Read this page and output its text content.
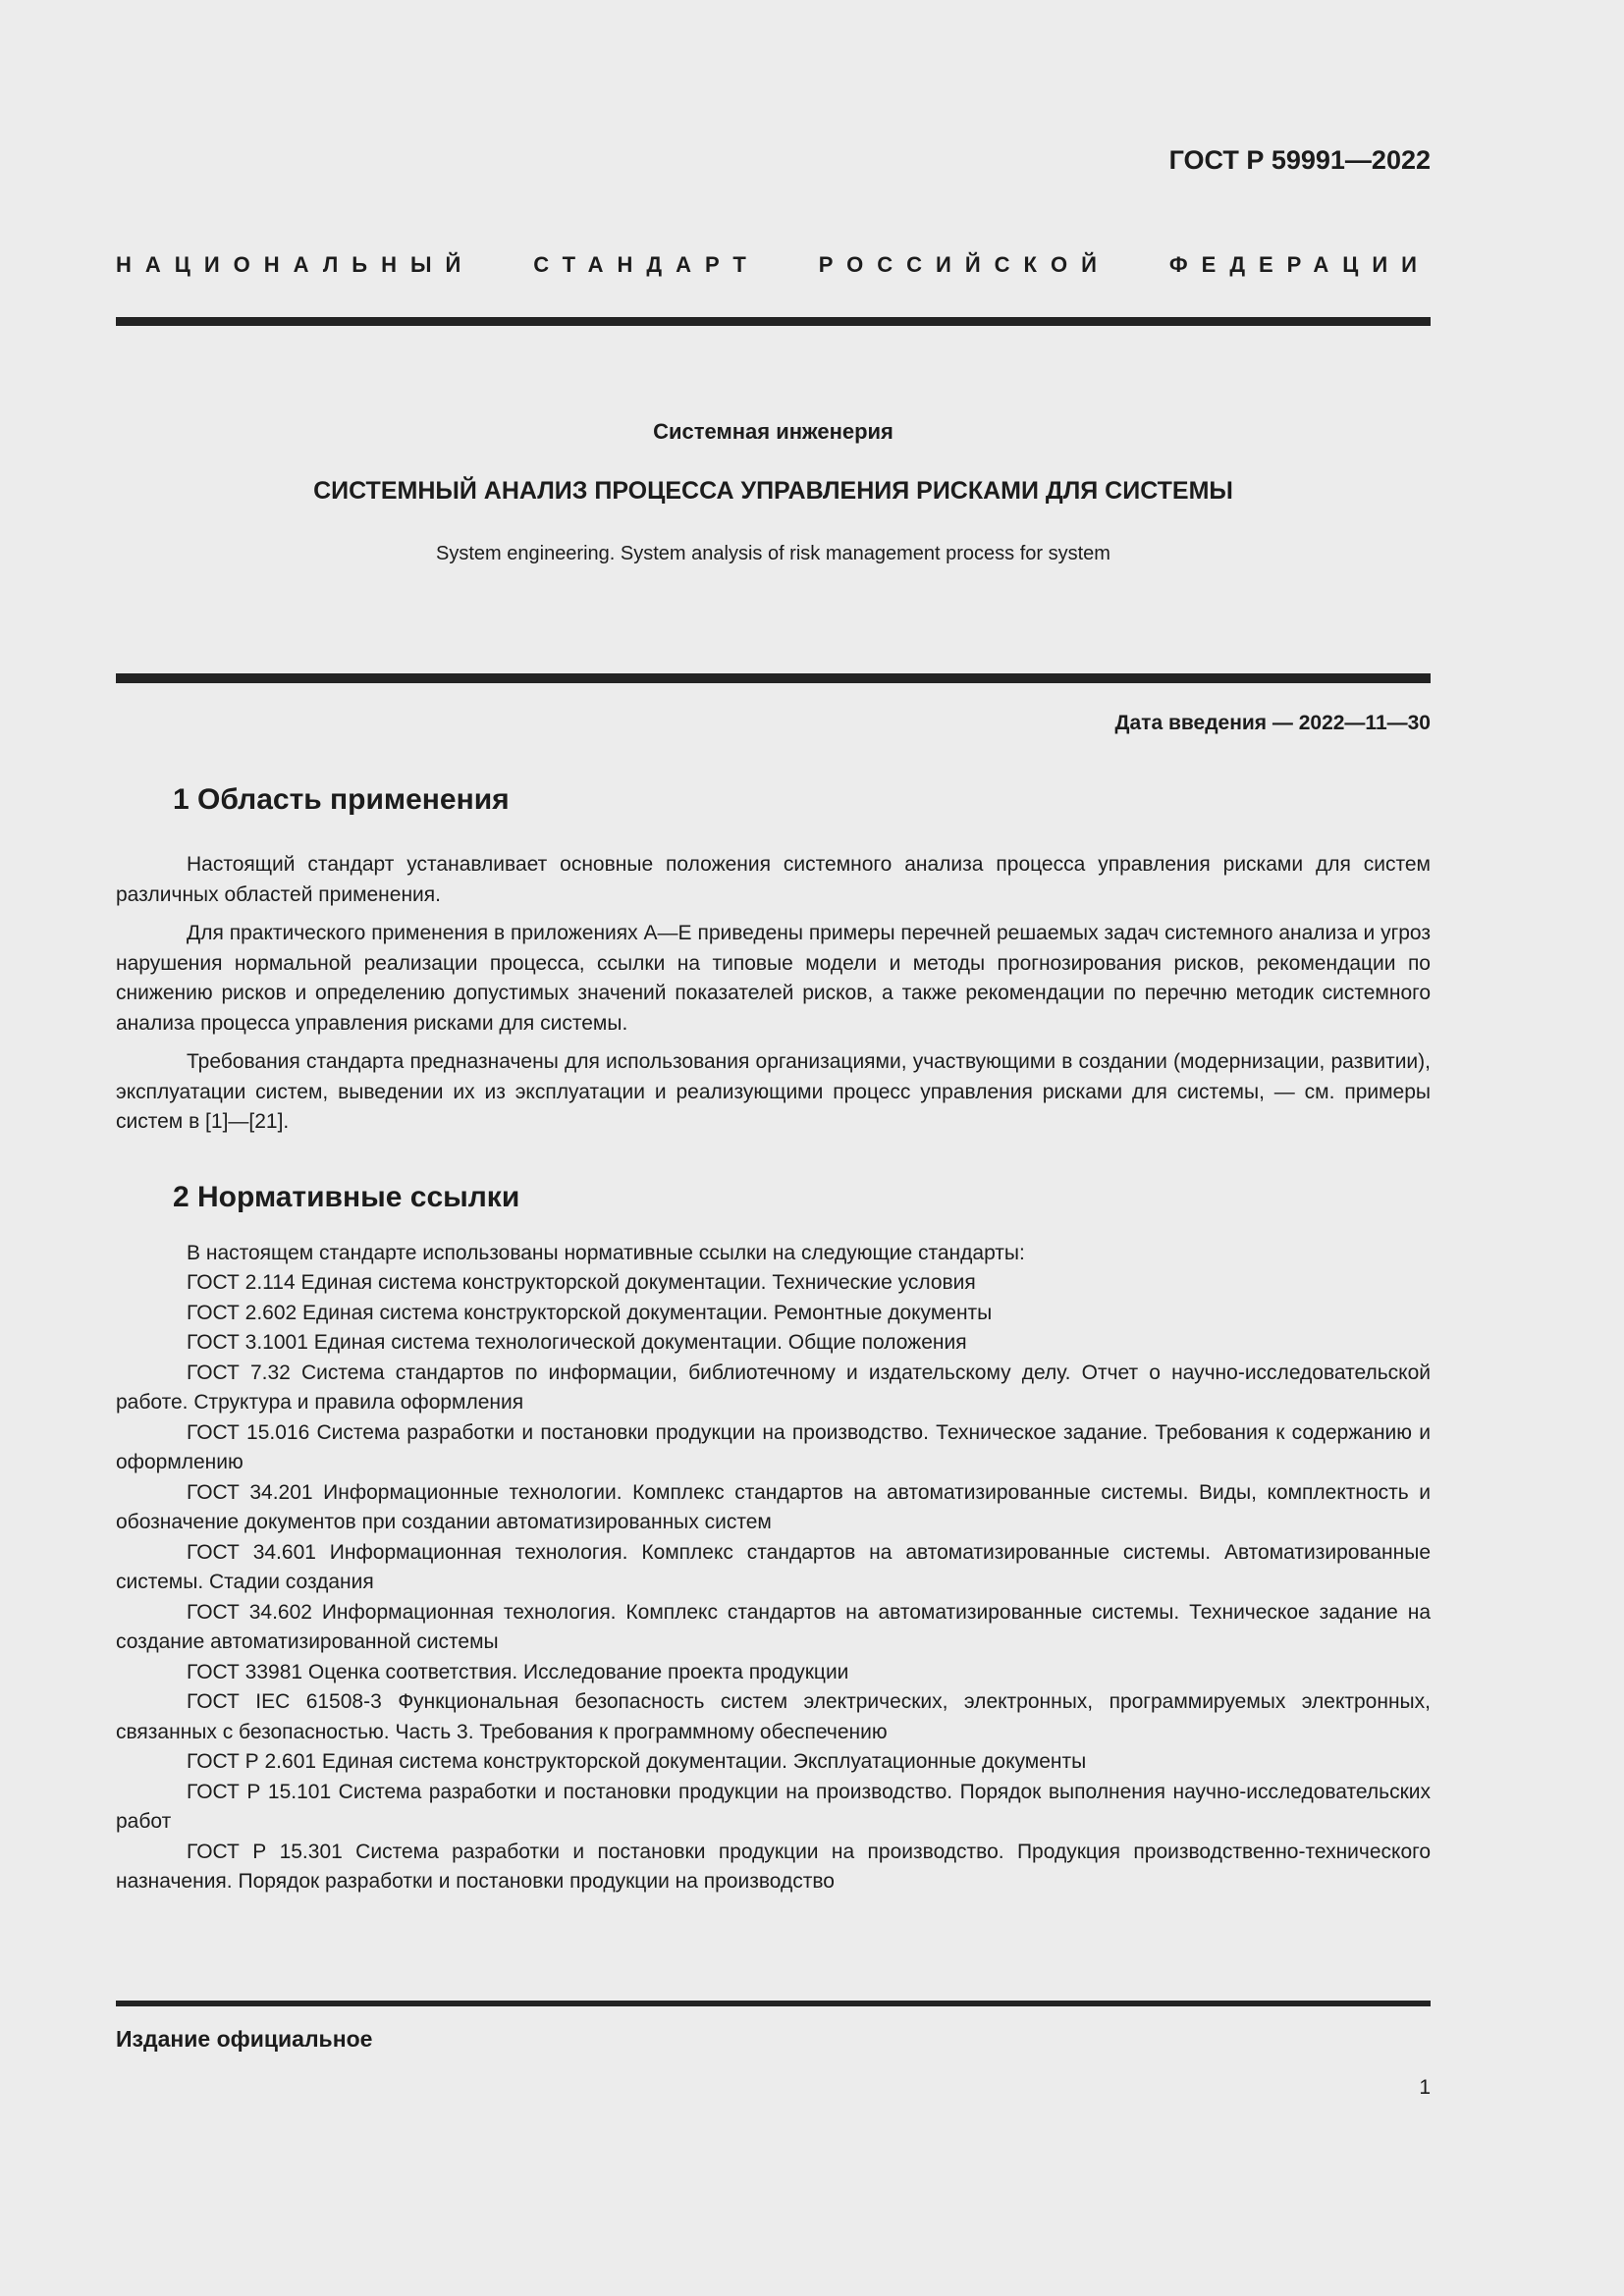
ГОСТ Р 59991—2022
НАЦИОНАЛЬНЫЙ СТАНДАРТ РОССИЙСКОЙ ФЕДЕРАЦИИ
Системная инженерия
СИСТЕМНЫЙ АНАЛИЗ ПРОЦЕССА УПРАВЛЕНИЯ РИСКАМИ ДЛЯ СИСТЕМЫ
System engineering. System analysis of risk management process for system
Дата введения — 2022—11—30
1 Область применения

Настоящий стандарт устанавливает основные положения системного анализа процесса управления рисками для систем различных областей применения.

Для практического применения в приложениях А—Е приведены примеры перечней решаемых задач системного анализа и угроз нарушения нормальной реализации процесса, ссылки на типовые модели и методы прогнозирования рисков, рекомендации по снижению рисков и определению допустимых значений показателей рисков, а также рекомендации по перечню методик системного анализа процесса управления рисками для системы.

Требования стандарта предназначены для использования организациями, участвующими в создании (модернизации, развитии), эксплуатации систем, выведении их из эксплуатации и реализующими процесс управления рисками для системы, — см. примеры систем в [1]—[21].

2 Нормативные ссылки

В настоящем стандарте использованы нормативные ссылки на следующие стандарты:

ГОСТ 2.114 Единая система конструкторской документации. Технические условия

ГОСТ 2.602 Единая система конструкторской документации. Ремонтные документы

ГОСТ 3.1001 Единая система технологической документации. Общие положения

ГОСТ 7.32 Система стандартов по информации, библиотечному и издательскому делу. Отчет о научно-исследовательской работе. Структура и правила оформления

ГОСТ 15.016 Система разработки и постановки продукции на производство. Техническое задание. Требования к содержанию и оформлению

ГОСТ 34.201 Информационные технологии. Комплекс стандартов на автоматизированные системы. Виды, комплектность и обозначение документов при создании автоматизированных систем

ГОСТ 34.601 Информационная технология. Комплекс стандартов на автоматизированные системы. Автоматизированные системы. Стадии создания

ГОСТ 34.602 Информационная технология. Комплекс стандартов на автоматизированные системы. Техническое задание на создание автоматизированной системы

ГОСТ 33981 Оценка соответствия. Исследование проекта продукции

ГОСТ IEC 61508-3 Функциональная безопасность систем электрических, электронных, программируемых электронных, связанных с безопасностью. Часть 3. Требования к программному обеспечению

ГОСТ Р 2.601 Единая система конструкторской документации. Эксплуатационные документы

ГОСТ Р 15.101 Система разработки и постановки продукции на производство. Порядок выполнения научно-исследовательских работ

ГОСТ Р 15.301 Система разработки и постановки продукции на производство. Продукция производственно-технического назначения. Порядок разработки и постановки продукции на производство

Издание официальное
1
